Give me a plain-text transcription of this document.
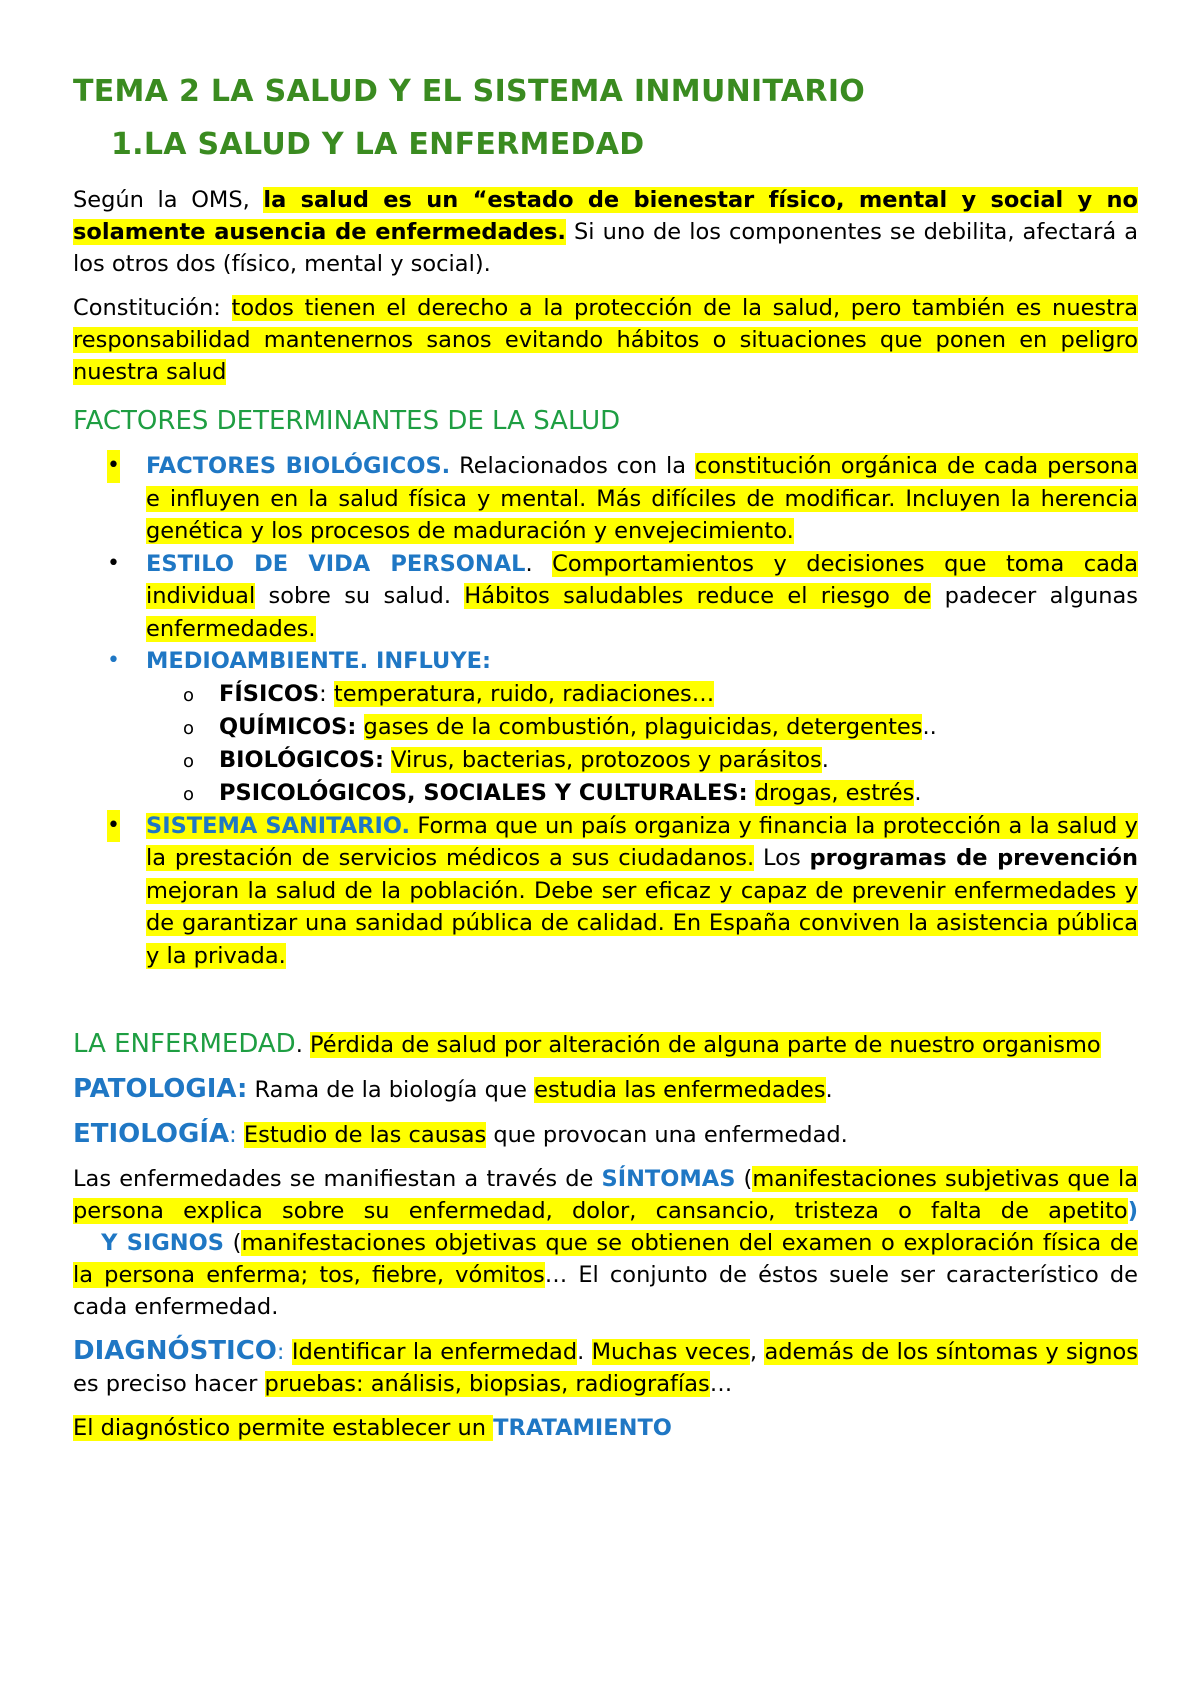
TEMA 2 LA SALUD Y EL SISTEMA INMUNITARIO
1.LA SALUD Y LA ENFERMEDAD

Según la OMS, la salud es un “estado de bienestar físico, mental y social y no solamente ausencia de enfermedades. Si uno de los componentes se debilita, afectará a los otros dos (físico, mental y social).

Constitución: todos tienen el derecho a la protección de la salud, pero también es nuestra responsabilidad mantenernos sanos evitando hábitos o situaciones que ponen en peligro nuestra salud

FACTORES DETERMINANTES DE LA SALUD
• FACTORES BIOLÓGICOS. Relacionados con la constitución orgánica de cada persona e influyen en la salud física y mental. Más difíciles de modificar. Incluyen la herencia genética y los procesos de maduración y envejecimiento.
• ESTILO DE VIDA PERSONAL. Comportamientos y decisiones que toma cada individual sobre su salud. Hábitos saludables reduce el riesgo de padecer algunas enfermedades.
• MEDIOAMBIENTE. INFLUYE:
o FÍSICOS: temperatura, ruido, radiaciones…
o QUÍMICOS: gases de la combustión, plaguicidas, detergentes..
o BIOLÓGICOS: Virus, bacterias, protozoos y parásitos.
o PSICOLÓGICOS, SOCIALES Y CULTURALES: drogas, estrés.
• SISTEMA SANITARIO. Forma que un país organiza y financia la protección a la salud y la prestación de servicios médicos a sus ciudadanos. Los programas de prevención mejoran la salud de la población. Debe ser eficaz y capaz de prevenir enfermedades y de garantizar una sanidad pública de calidad. En España conviven la asistencia pública y la privada.

LA ENFERMEDAD. Pérdida de salud por alteración de alguna parte de nuestro organismo

PATOLOGIA: Rama de la biología que estudia las enfermedades.

ETIOLOGÍA: Estudio de las causas que provocan una enfermedad.

Las enfermedades se manifiestan a través de SÍNTOMAS (manifestaciones subjetivas que la persona explica sobre su enfermedad, dolor, cansancio, tristeza o falta de apetito)   Y SIGNOS (manifestaciones objetivas que se obtienen del examen o exploración física de la persona enferma; tos, fiebre, vómitos… El conjunto de éstos suele ser característico de cada enfermedad.

DIAGNÓSTICO: Identificar la enfermedad. Muchas veces, además de los síntomas y signos es preciso hacer pruebas: análisis, biopsias, radiografías…

El diagnóstico permite establecer un TRATAMIENTO
